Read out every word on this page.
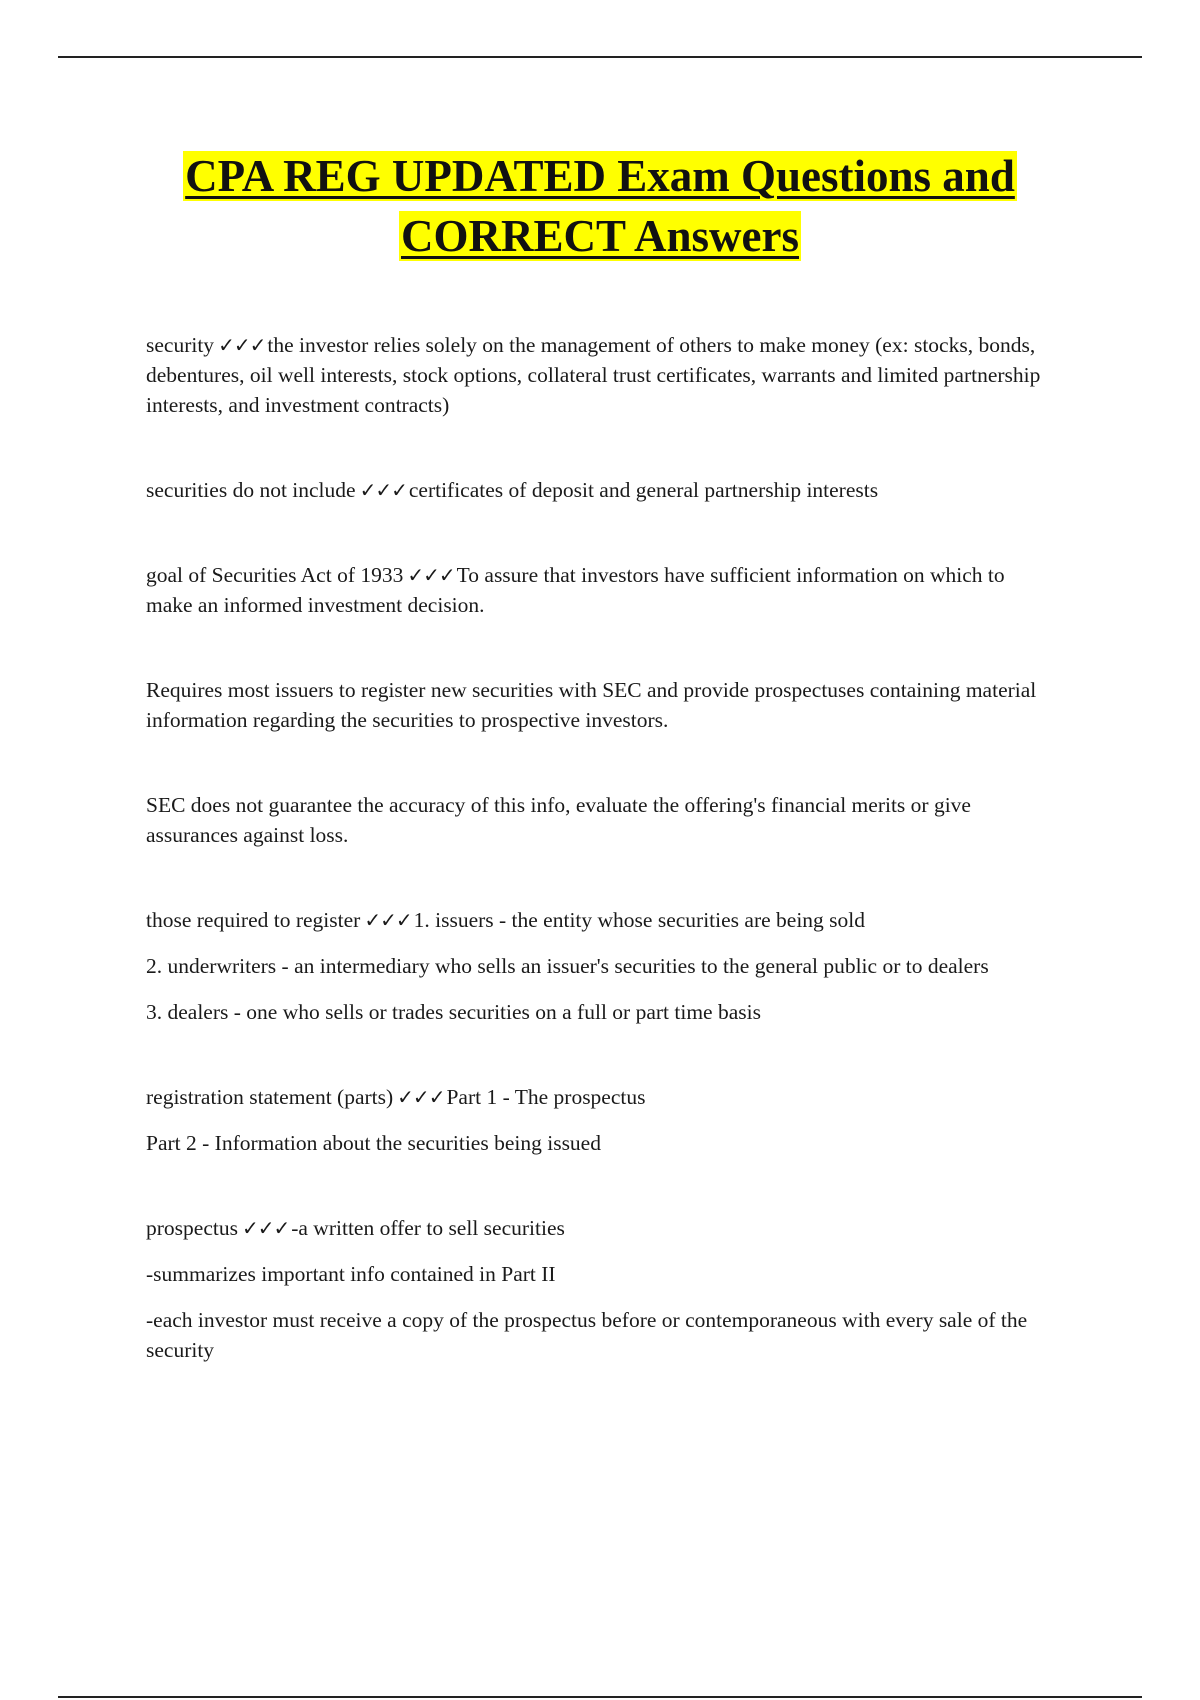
CPA REG UPDATED Exam Questions and
CORRECT Answers

security ✓✓✓the investor relies solely on the management of others to make money (ex: stocks, bonds, debentures, oil well interests, stock options, collateral trust certificates, warrants and limited partnership interests, and investment contracts)

securities do not include ✓✓✓certificates of deposit and general partnership interests

goal of Securities Act of 1933 ✓✓✓To assure that investors have sufficient information on which to make an informed investment decision.

Requires most issuers to register new securities with SEC and provide prospectuses containing material information regarding the securities to prospective investors.

SEC does not guarantee the accuracy of this info, evaluate the offering's financial merits or give assurances against loss.

those required to register ✓✓✓1. issuers - the entity whose securities are being sold

2. underwriters - an intermediary who sells an issuer's securities to the general public or to dealers

3. dealers - one who sells or trades securities on a full or part time basis

registration statement (parts) ✓✓✓Part 1 - The prospectus

Part 2 - Information about the securities being issued

prospectus ✓✓✓-a written offer to sell securities

-summarizes important info contained in Part II

-each investor must receive a copy of the prospectus before or contemporaneous with every sale of the security
